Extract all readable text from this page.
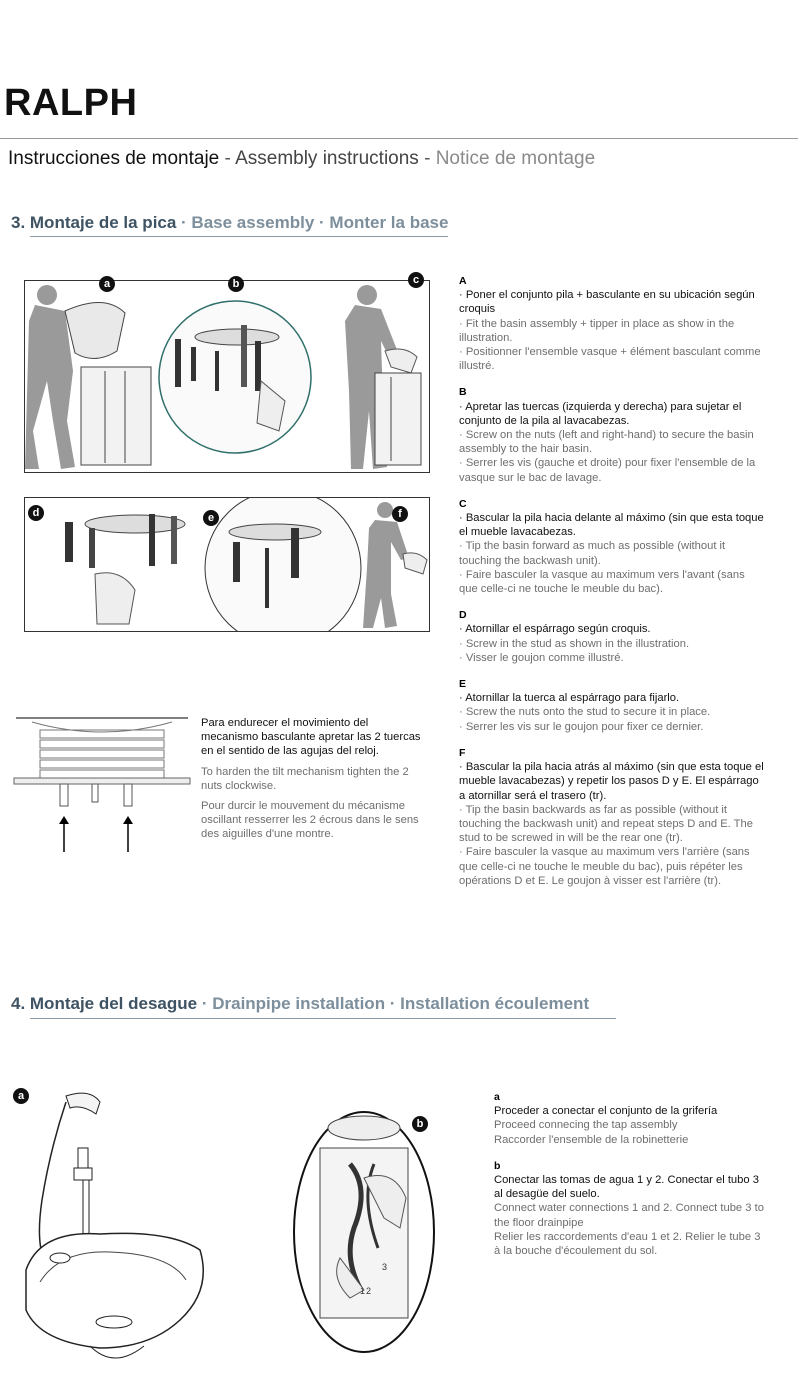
RALPH
Instrucciones de montaje - Assembly instructions - Notice de montage
3. Montaje de la pica · Base assembly · Monter la base
a	b	c
d	e	f

Para endurecer el movimiento del mecanismo basculante apretar las 2 tuercas en el sentido de las agujas del reloj.

To harden the tilt mechanism tighten the 2 nuts clockwise.

Pour durcir le mouvement du mécanisme oscillant resserrer les 2 écrous dans le sens des aiguilles d'une montre.

A
· Poner el conjunto pila + basculante en su ubicación según croquis
· Fit the basin assembly + tipper in place as show in the illustration.
· Positionner l'ensemble vasque + élément basculant comme illustré.
B
· Apretar las tuercas (izquierda y derecha) para sujetar el conjunto de la pila al lavacabezas.
· Screw on the nuts (left and right-hand) to secure the basin assembly to the hair basin.
· Serrer les vis (gauche et droite) pour fixer l'ensemble de la vasque sur le bac de lavage.
C
· Bascular la pila hacia delante al máximo (sin que esta toque el mueble lavacabezas.
· Tip the basin forward as much as possible (without it touching the backwash unit).
· Faire basculer la vasque au maximum vers l'avant (sans que celle-ci ne touche le meuble du bac).
D
· Atornillar el espárrago según croquis.
· Screw in the stud as shown in the illustration.
· Visser le goujon comme illustré.
E
· Atornillar la tuerca al espárrago para fijarlo.
· Screw the nuts onto the stud to secure it in place.
· Serrer les vis sur le goujon pour fixer ce dernier.
F
· Bascular la pila hacia atrás al máximo (sin que esta toque el mueble lavacabezas) y repetir los pasos D y E. El espárrago a atornillar será el trasero (tr).
· Tip the basin backwards as far as possible (without it touching the backwash unit) and repeat steps D and E. The stud to be screwed in will be the rear one (tr).
· Faire basculer la vasque au maximum vers l'arrière (sans que celle-ci ne touche le meuble du bac), puis répéter les opérations D et E. Le goujon à visser est l'arrière (tr).
4. Montaje del desague · Drainpipe installation · Installation écoulement
a
3
1 2
b
a
Proceder a conectar el conjunto de la grifería
Proceed connecing the tap assembly
Raccorder l'ensemble de la robinetterie
b
Conectar las tomas de agua 1 y 2. Conectar el tubo 3 al desagüe del suelo.
Connect water connections 1 and 2. Connect tube 3 to the floor drainpipe
Relier les raccordements d'eau 1 et 2. Relier le tube 3 à la bouche d'écoulement du sol.
